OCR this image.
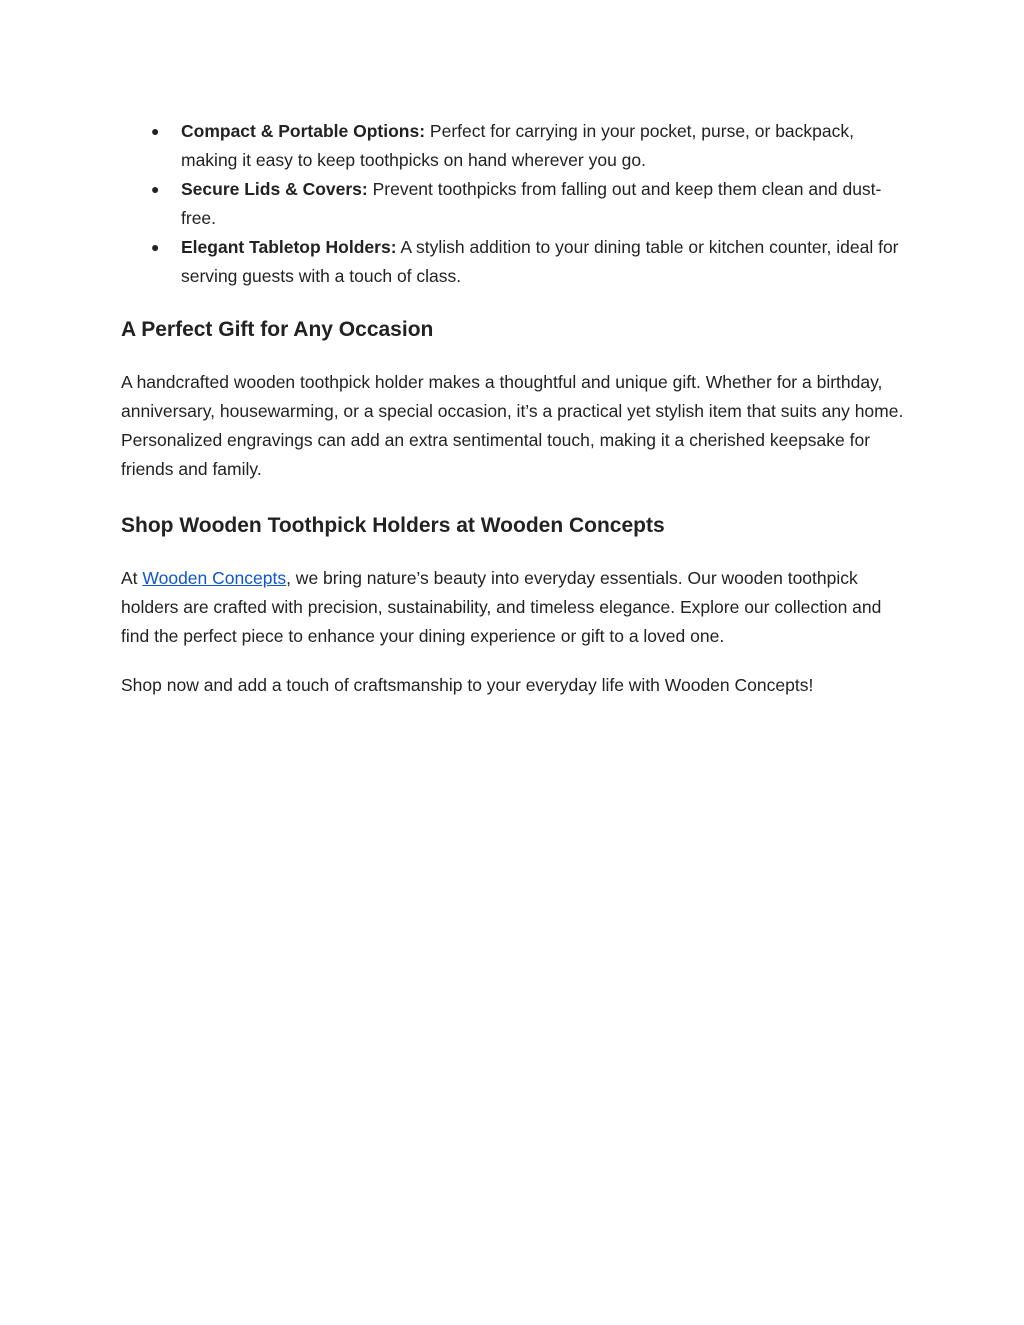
● Compact & Portable Options: Perfect for carrying in your pocket, purse, or backpack, making it easy to keep toothpicks on hand wherever you go.
● Secure Lids & Covers: Prevent toothpicks from falling out and keep them clean and dust-free.
● Elegant Tabletop Holders: A stylish addition to your dining table or kitchen counter, ideal for serving guests with a touch of class.
A Perfect Gift for Any Occasion

A handcrafted wooden toothpick holder makes a thoughtful and unique gift. Whether for a birthday, anniversary, housewarming, or a special occasion, it’s a practical yet stylish item that suits any home. Personalized engravings can add an extra sentimental touch, making it a cherished keepsake for friends and family.

Shop Wooden Toothpick Holders at Wooden Concepts

At Wooden Concepts, we bring nature’s beauty into everyday essentials. Our wooden toothpick holders are crafted with precision, sustainability, and timeless elegance. Explore our collection and find the perfect piece to enhance your dining experience or gift to a loved one.

Shop now and add a touch of craftsmanship to your everyday life with Wooden Concepts!
